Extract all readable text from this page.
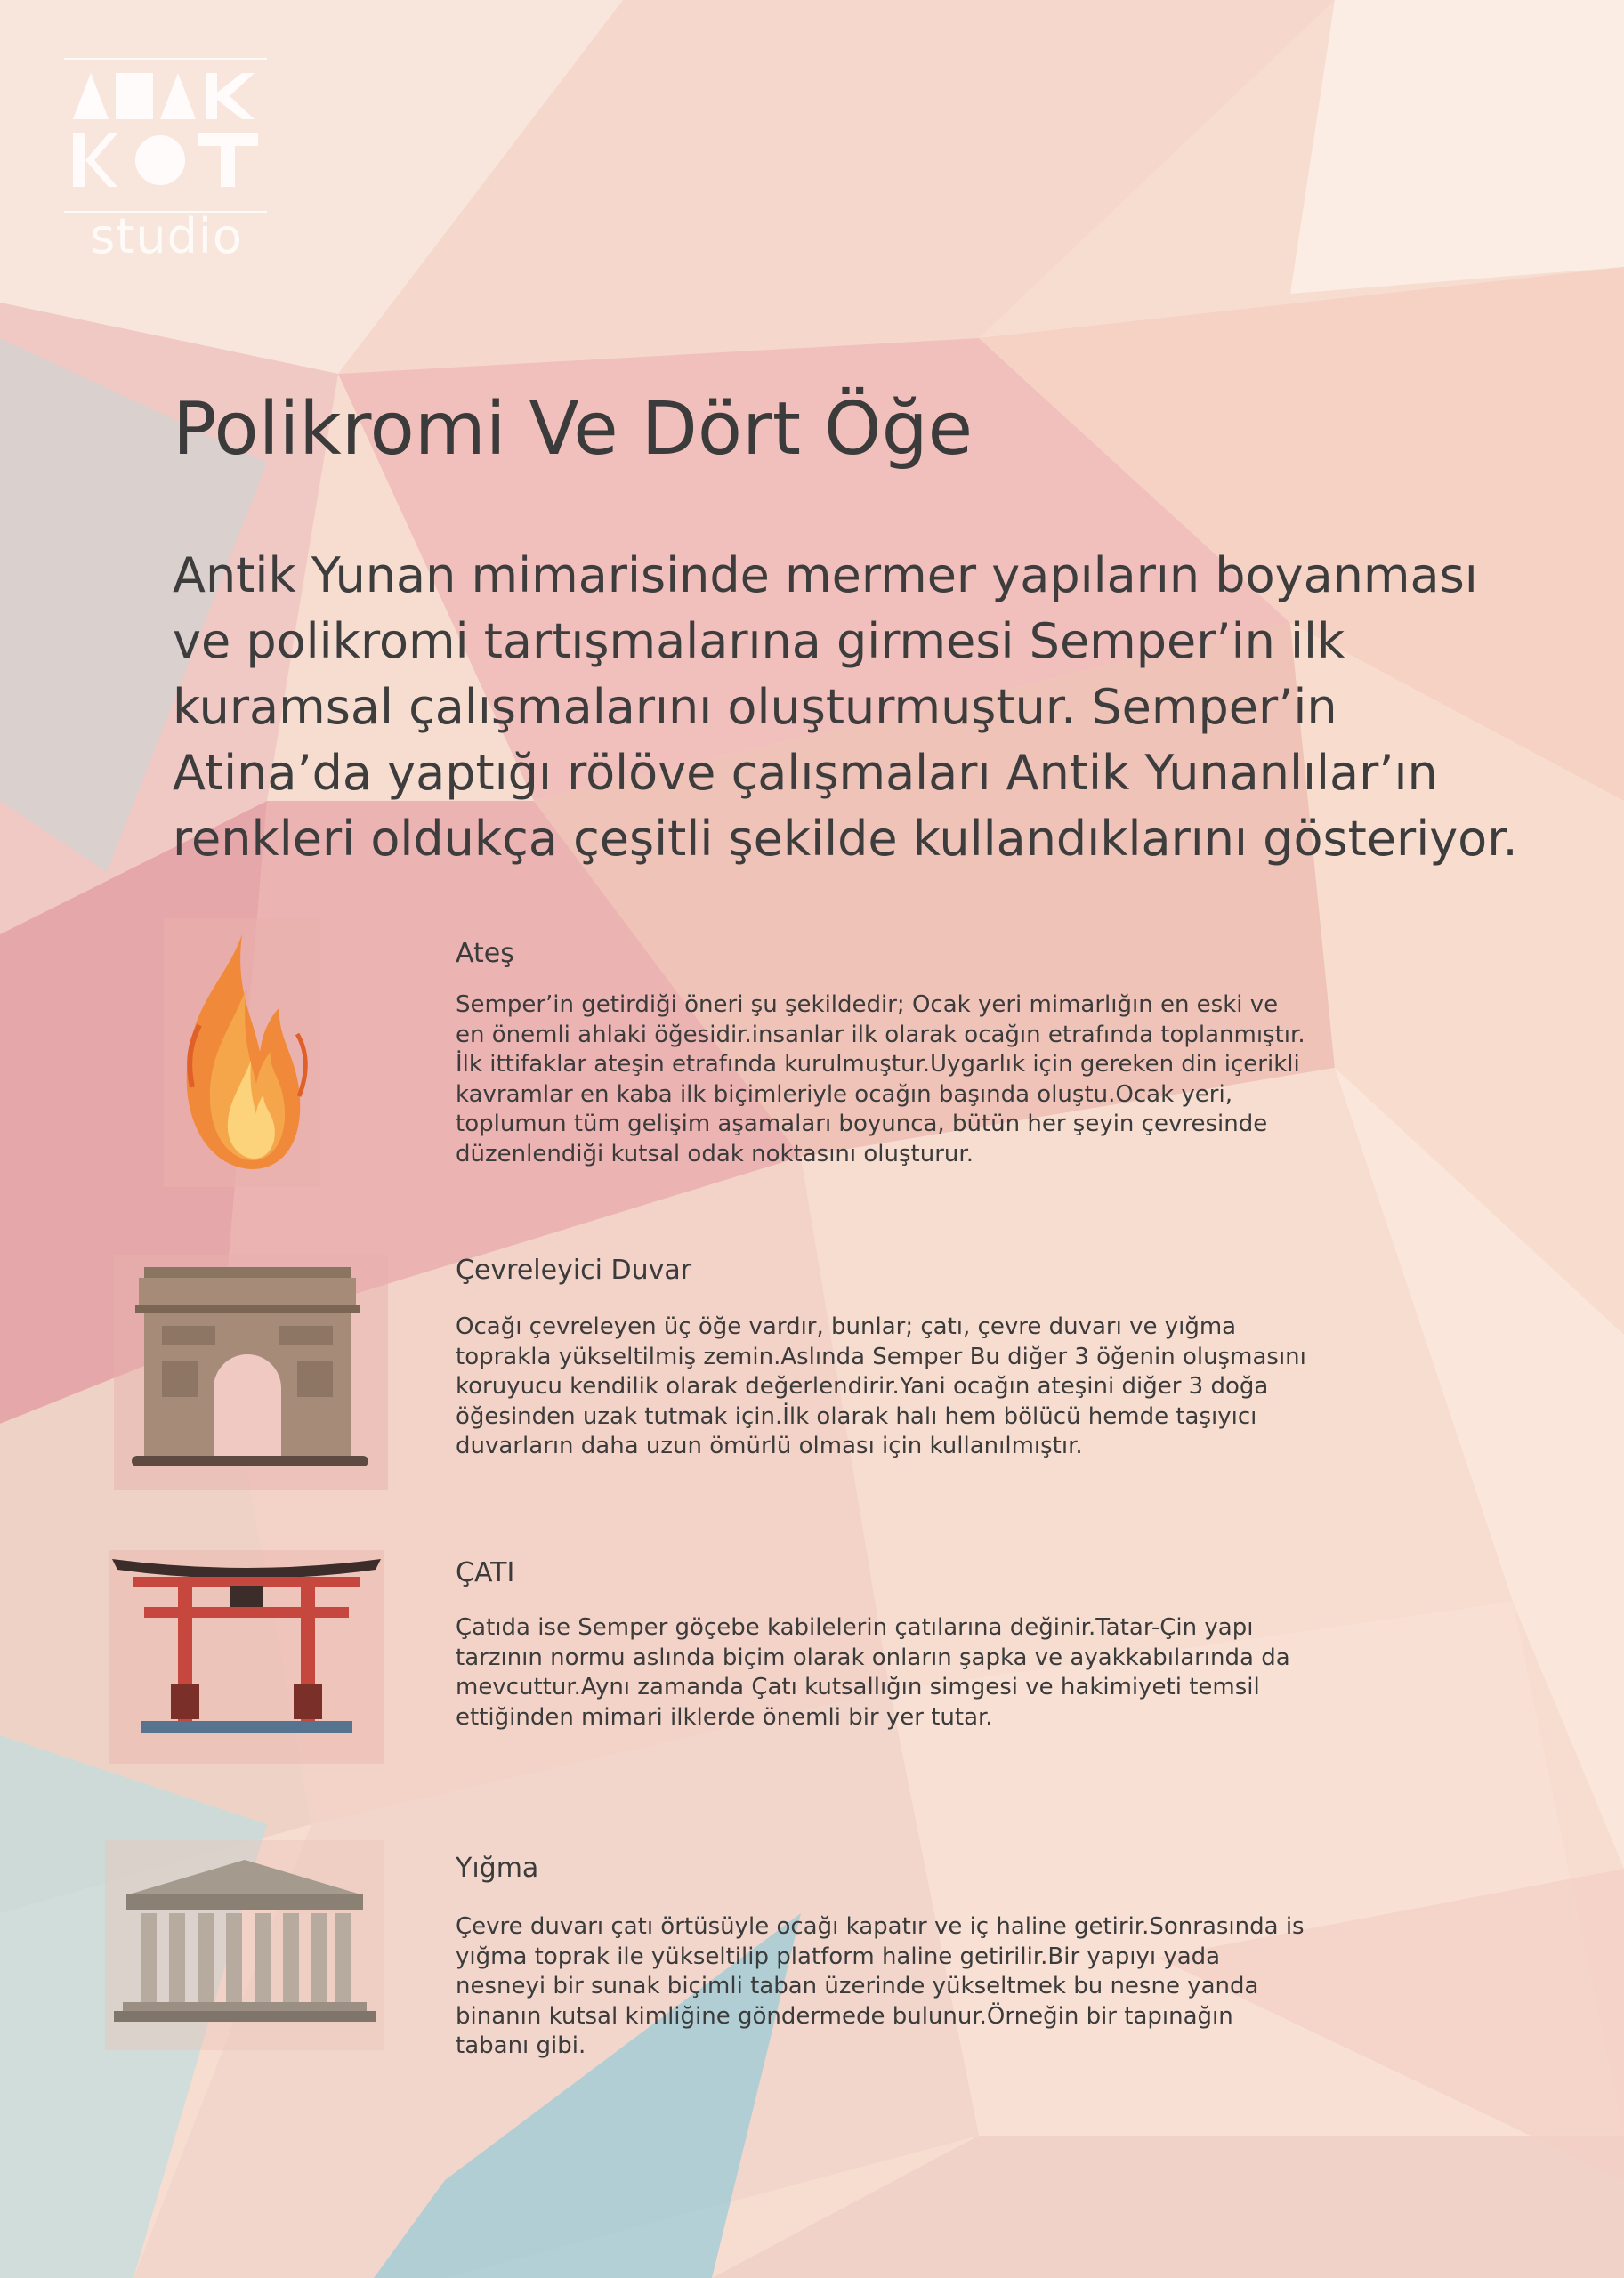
studio
Polikromi Ve Dört Öğe

Antik Yunan mimarisinde mermer yapıların boyanması ve polikromi tartışmalarına girmesi Semper’in ilk kuramsal çalışmalarını oluşturmuştur. Semper’in Atina’da yaptığı rölöve çalışmaları Antik Yunanlılar’ın renkleri oldukça çeşitli şekilde kullandıklarını gösteriyor.

Ateş

Semper’in getirdiği öneri şu şekildedir; Ocak yeri mimarlığın en eski ve en önemli ahlaki öğesidir.insanlar ilk olarak ocağın etrafında toplanmıştır. İlk ittifaklar ateşin etrafında kurulmuştur.Uygarlık için gereken din içerikli kavramlar en kaba ilk biçimleriyle ocağın başında oluştu.Ocak yeri, toplumun tüm gelişim aşamaları boyunca, bütün her şeyin çevresinde düzenlendiği kutsal odak noktasını oluşturur.

Çevreleyici Duvar

Ocağı çevreleyen üç öğe vardır, bunlar; çatı, çevre duvarı ve yığma toprakla yükseltilmiş zemin.Aslında Semper Bu diğer 3 öğenin oluşmasını koruyucu kendilik olarak değerlendirir.Yani ocağın ateşini diğer 3 doğa öğesinden uzak tutmak için.İlk olarak halı hem bölücü hemde taşıyıcı duvarların daha uzun ömürlü olması için kullanılmıştır.

ÇATI

Çatıda ise Semper göçebe kabilelerin çatılarına değinir.Tatar-Çin yapı tarzının normu aslında biçim olarak onların şapka ve ayakkabılarında da mevcuttur.Aynı zamanda Çatı kutsallığın simgesi ve hakimiyeti temsil ettiğinden mimari ilklerde önemli bir yer tutar.

Yığma

Çevre duvarı çatı örtüsüyle ocağı kapatır ve iç haline getirir.Sonrasında is yığma toprak ile yükseltilip platform haline getirilir.Bir yapıyı yada nesneyi bir sunak biçimli taban üzerinde yükseltmek bu nesne yanda binanın kutsal kimliğine göndermede bulunur.Örneğin bir tapınağın tabanı gibi.
